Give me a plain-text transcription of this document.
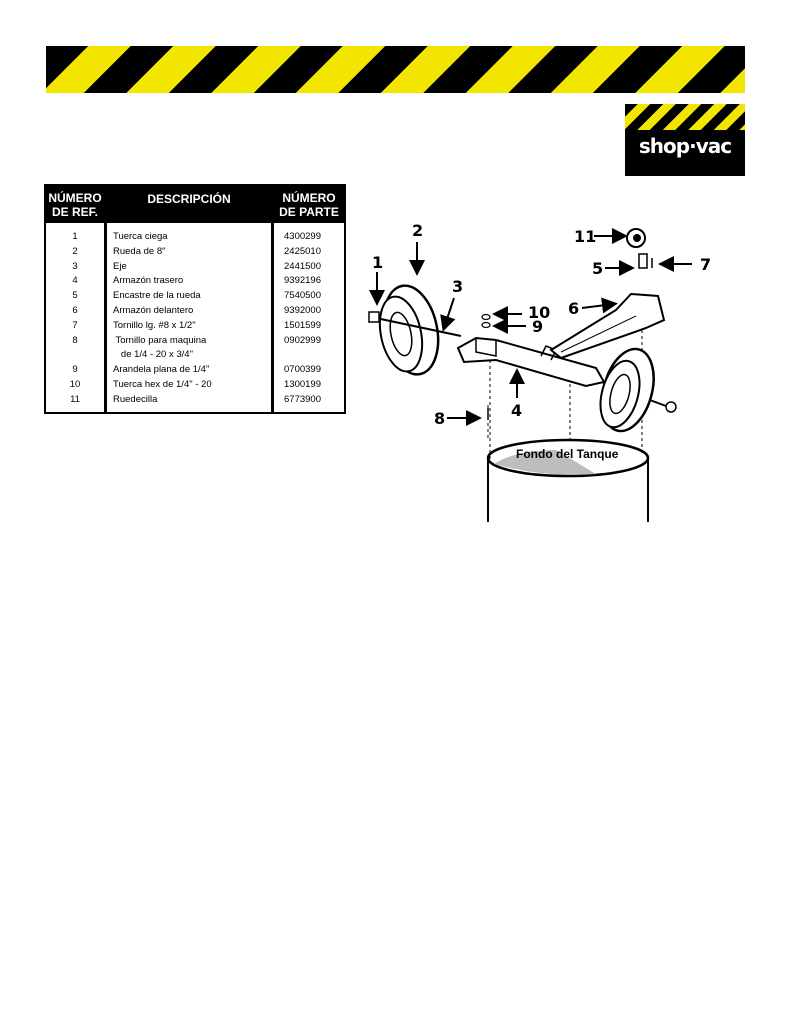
shop·vac
NÚMERO
DE REF.
DESCRIPCIÓN	NÚMERO
DE PARTE
1	Tuerca ciega	4300299
2	Rueda de 8"	2425010
3	Eje	2441500
4	Armazón trasero	9392196
5	Encastre de la rueda	7540500
6	Armazón delantero	9392000
7	Tornillo lg. #8 x 1/2"	1501599
8	Tornillo para maquina	0902999
de 1/4 - 20 x 3/4"
9	Arandela plana de 1/4"	0700399
10	Tuerca hex de 1/4" - 20	1300199
11	Ruedecilla	6773900
Fondo del Tanque
1
2
3
4
5
6
7
8
9
10
11
